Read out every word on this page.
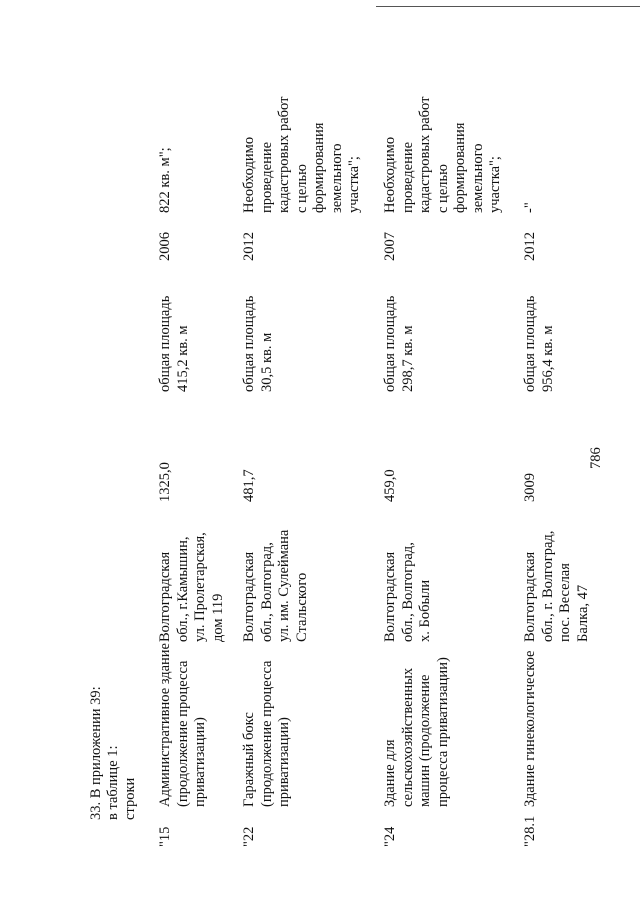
786
33. В приложении 39: в таблице 1: строки
"15
Административное здание (продолжение процесса приватизации)
Волгоградская обл., г.Камышин, ул. Пролетарская, дом 119
1325,0
общая площадь 415,2 кв. м
2006
822 кв. м";
"22
Гаражный бокс (продолжение процесса приватизации)
Волгоградская обл., Волгоград, ул. им. Сулеймана Стальского
481,7
общая площадь 30,5 кв. м
2012
Необходимо проведение кадастровых работ с целью формирования земельного участка";
"24
Здание для сельскохозяйственных машин (продолжение процесса приватизации)
Волгоградская обл., Волгоград, х. Бобыли
459,0
общая площадь 298,7 кв. м
2007
Необходимо проведение кадастровых работ с целью формирования земельного участка";
"28.1
Здание гинекологическое
Волгоградская обл., г. Волгоград, пос. Веселая Балка, 47
3009
общая площадь 956,4 кв. м
2012
-"
